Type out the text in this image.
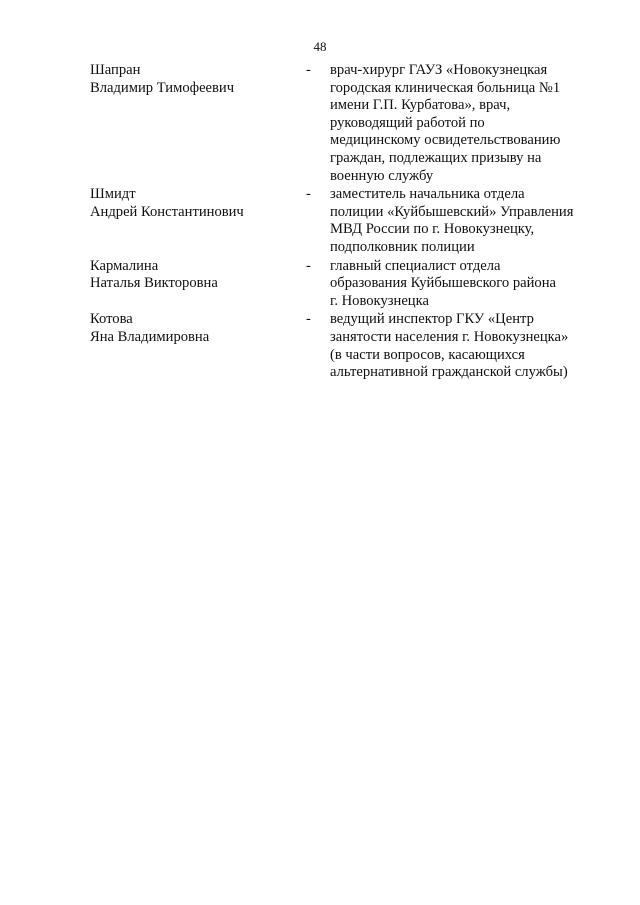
48
Шапран
Владимир Тимофеевич
-	врач-хирург ГАУЗ «Новокузнецкая
городская клиническая больница №1
имени Г.П. Курбатова», врач,
руководящий работой по
медицинскому освидетельствованию
граждан, подлежащих призыву на
военную службу
Шмидт
Андрей Константинович
-	заместитель начальника отдела
полиции «Куйбышевский» Управления
МВД России по г. Новокузнецку,
подполковник полиции
Кармалина
Наталья Викторовна
-	главный специалист отдела
образования Куйбышевского района
г. Новокузнецка
Котова
Яна Владимировна
-	ведущий инспектор ГКУ «Центр
занятости населения г. Новокузнецка»
(в части вопросов, касающихся
альтернативной гражданской службы)
